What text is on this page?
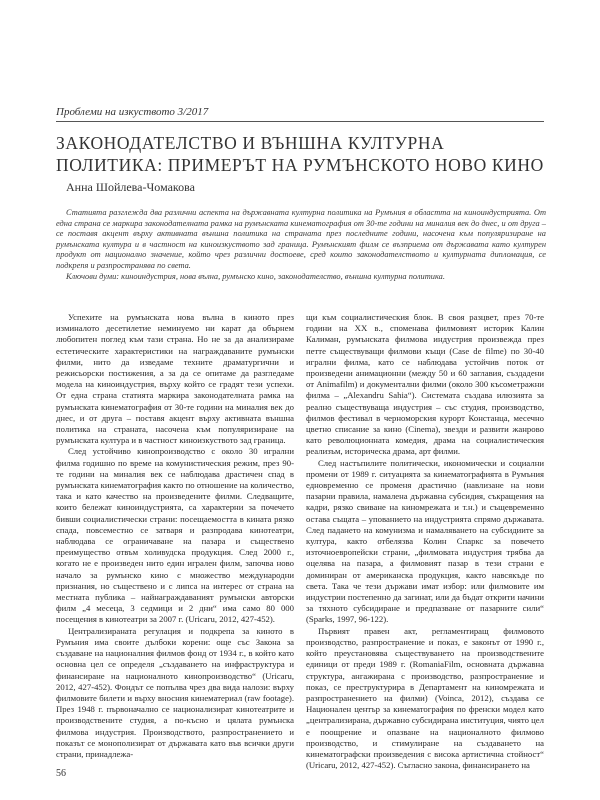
Проблеми на изкуството 3/2017
ЗАКОНОДАТЕЛСТВО И ВЪНШНА КУЛТУРНА
ПОЛИТИКА: ПРИМЕРЪТ НА РУМЪНСКОТО НОВО КИНО
Анна Шойлева-Чомакова

Статията разглежда два различни аспекта на държавната културна политика на Румъния в областта на киноиндустрията. От една страна се маркира законодателната рамка на румънската кинематография от 30-те години на миналия век до днес, и от друга – се поставя акцент върху активната външна политика на страната през последните години, насочена към популяризиране на румънската култура и в частност на киноизкуството зад граница. Румънският филм се възприема от държавата като културен продукт от национално значение, който чрез различни достоеве, сред които законодателството и културната дипломация, се подкрепя и разпространява по света.

Ключови думи: киноиндустрия, нова вълна, румънско кино, законодателство, външна културна политика.

Успехите на румънската нова вълна в киното през изминалото десетилетие неминуемо ни карат да обърнем любопитен поглед към тази страна. Но не за да анализираме естетическите характеристики на награждаваните румънски филми, нито да изведаме техните драматургични и режисьорски постижения, а за да се опитаме да разгледаме модела на киноиндустрия, върху който се градят тези успехи. От една страна статията маркира законодателната рамка на румънската кинематография от 30-те години на миналия век до днес, и от друга – поставя акцент върху активната външна политика на страната, насочена към популяризиране на румънската култура и в частност киноизкуството зад граница.

След устойчиво кинопроизводство с около 30 игрални филма годишно по време на комунистическия режим, през 90-те години на миналия век се наблюдава драстичен спад в румънската кинематография както по отношение на количество, така и като качество на произведените филми. Следващите, които бележат киноиндустрията, са характерни за почечето бивши социалистически страни: посещаемостта в кината рязко спада, повсеместно се затваря и разпродава кинотеатри, наблюдава се ограничаване на пазара и съществено преимущество отвъм холивудска продукция. След 2000 г., когато не е произведен нито един игрален филм, започва ново начало за румънско кино с множество международни признания, но съществено и с липса на интерес от страна на местната публика – найнаграждаваният румънски авторски филм „4 месеца, 3 седмици и 2 дни“ има само 80 000 посещения в кинотеатри за 2007 г. (Uricaru, 2012, 427-452).

Централизираната регулация и подкрепа за киното в Румъния има своите дълбоки корени: още със Закона за създаване на националния филмов фонд от 1934 г., в който като основна цел се определя „създаването на инфраструктура и финансиране на националното кинопроизводство“ (Uricaru, 2012, 427-452). Фондът се попълва чрез два вида налози: върху филмовите билети и върху вносния кинематериал (raw footage). През 1948 г. първоначално се национализират кинотеатрите и производствените студия, а по-късно и цялата румънска филмова индустрия. Производството, разпространението и показът се монополизират от държавата като във всички други страни, принадлежа-

щи към социалистическия блок. В своя разцвет, през 70-те години на XX в., споменава филмовият историк Калин Калиман, румънската филмова индустрия произвежда през петте съществуващи филмови къщи (Case de filme) по 30-40 игрални филма, като се наблюдава устойчив поток от произведени анимационни (между 50 и 60 заглавия, създадени от Animafilm) и документални филми (около 300 късометражни филма – „Alexandru Sahia“). Системата създава илюзията за реално съществуваща индустрия – със студия, производство, филмов фестивал в черноморския курорт Констанца, месечно цветно списание за кино (Cinema), звезди и развити жанрово като революционната комедия, драма на социалистическия реализъм, историческа драма, арт филми.

След настъпилите политически, икономически и социални промени от 1989 г. ситуацията за кинематографията в Румъния едновременно се променя драстично (навлизане на нови пазарни правила, намалена държавна субсидия, съкращения на кадри, рязко свиване на киномрежата и т.н.) и същевременно остава същата – упованието на индустрията спрямо държавата. След падането на комунизма и намаляването на субсидиите за култура, както отбелязва Колин Спаркс за повечето източноевропейски страни, „филмовата индустрия трябва да оцелява на пазара, а филмовият пазар в тези страни е доминиран от американска продукция, както навсякъде по света. Така че тези държави имат избор: или филмовите им индустрии постепенно да загинат, или да бъдат открити начини за тяхното субсидиране и предпазване от пазарните сили“ (Sparks, 1997, 96-122).

Първият правен акт, регламентиращ филмовото производство, разпространение и показ, е законът от 1990 г., който преустановява съществуването на производствените единици от преди 1989 г. (RomaniaFilm, основната държавна структура, ангажирана с производство, разпространение и показ, се преструктурира в Департамент на киномрежата и разпространението на филми) (Voinca, 2012), създава се Национален център за кинематография по френски модел като „централизирана, държавно субсидирана институция, чиято цел е поощрение и опазване на националното филмово производство, и стимулиране на създаването на кинематографски произведения с висока артистична стойност“ (Uricaru, 2012, 427-452). Съгласно закона, финансирането на

56
